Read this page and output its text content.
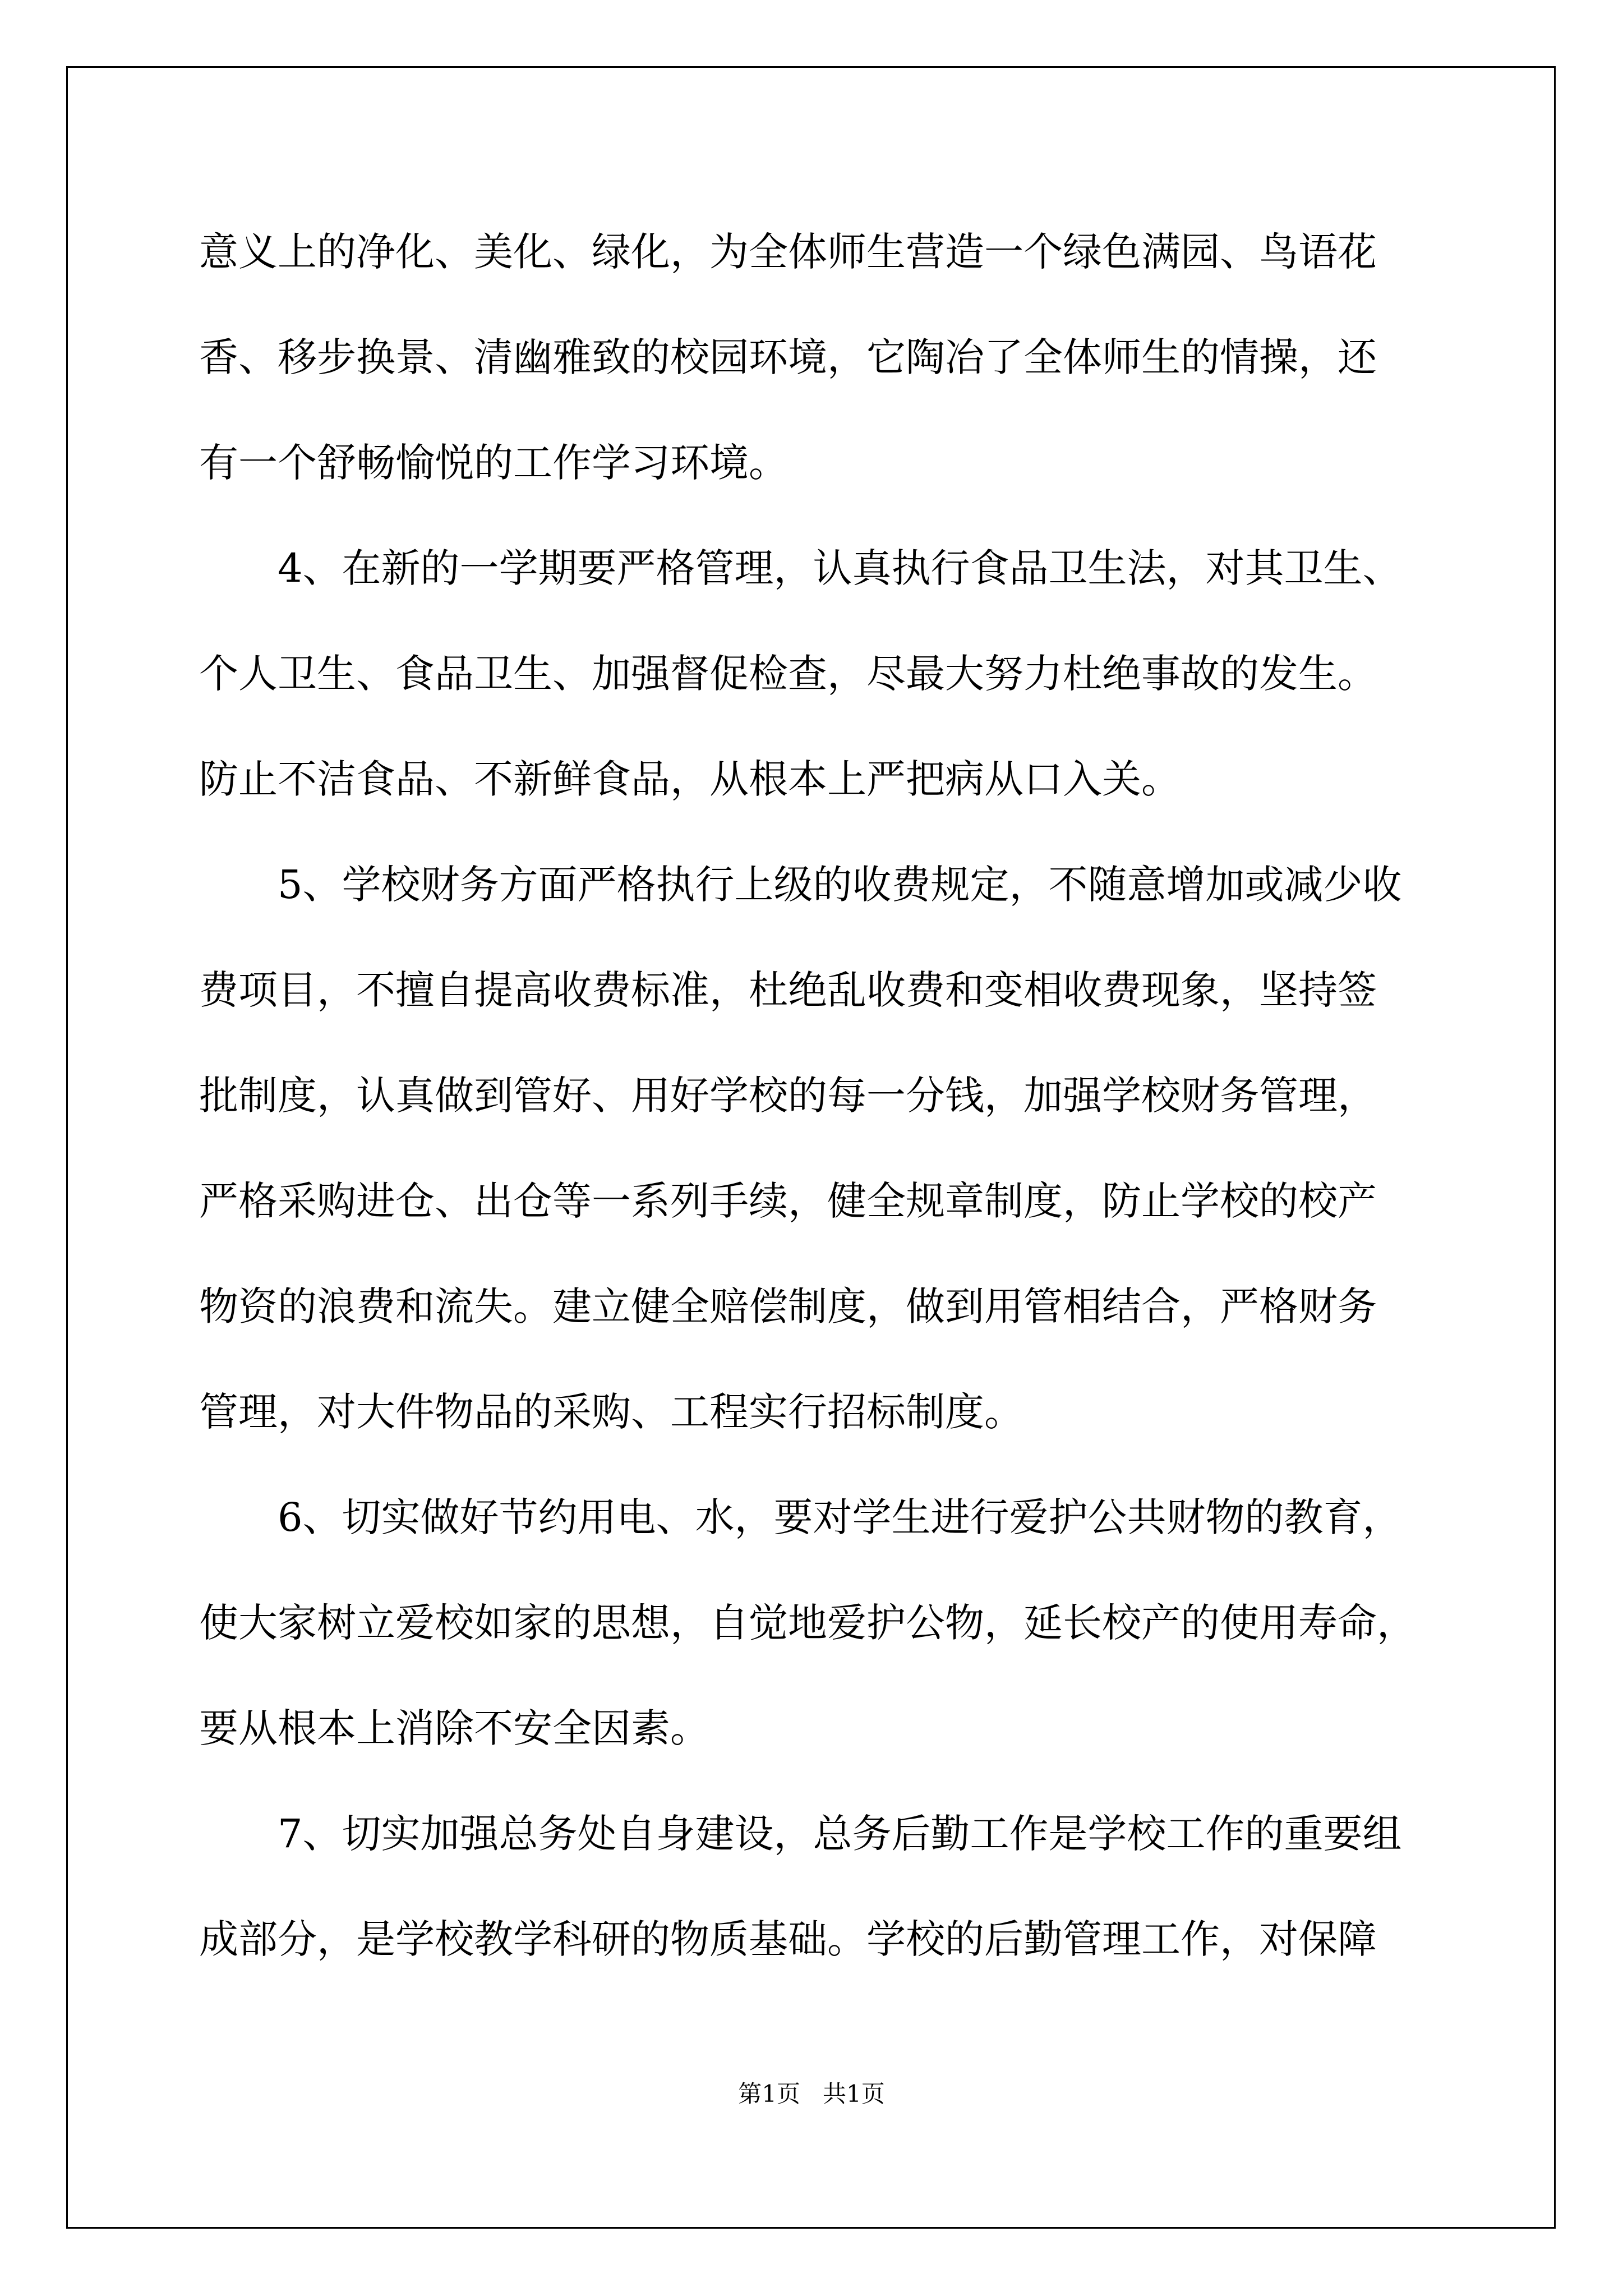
意义上的净化、美化、绿化，为全体师生营造一个绿色满园、鸟语花
香、移步换景、清幽雅致的校园环境，它陶冶了全体师生的情操，还
有一个舒畅愉悦的工作学习环境。
4、在新的一学期要严格管理，认真执行食品卫生法，对其卫生、
个人卫生、食品卫生、加强督促检查，尽最大努力杜绝事故的发生。
防止不洁食品、不新鲜食品，从根本上严把病从口入关。
5、学校财务方面严格执行上级的收费规定，不随意增加或减少收
费项目，不擅自提高收费标准，杜绝乱收费和变相收费现象，坚持签
批制度，认真做到管好、用好学校的每一分钱，加强学校财务管理，
严格采购进仓、出仓等一系列手续，健全规章制度，防止学校的校产
物资的浪费和流失。建立健全赔偿制度，做到用管相结合，严格财务
管理，对大件物品的采购、工程实行招标制度。
6、切实做好节约用电、水，要对学生进行爱护公共财物的教育，
使大家树立爱校如家的思想，自觉地爱护公物，延长校产的使用寿命，
要从根本上消除不安全因素。
7、切实加强总务处自身建设，总务后勤工作是学校工作的重要组
成部分，是学校教学科研的物质基础。学校的后勤管理工作，对保障
第1页   共1页
